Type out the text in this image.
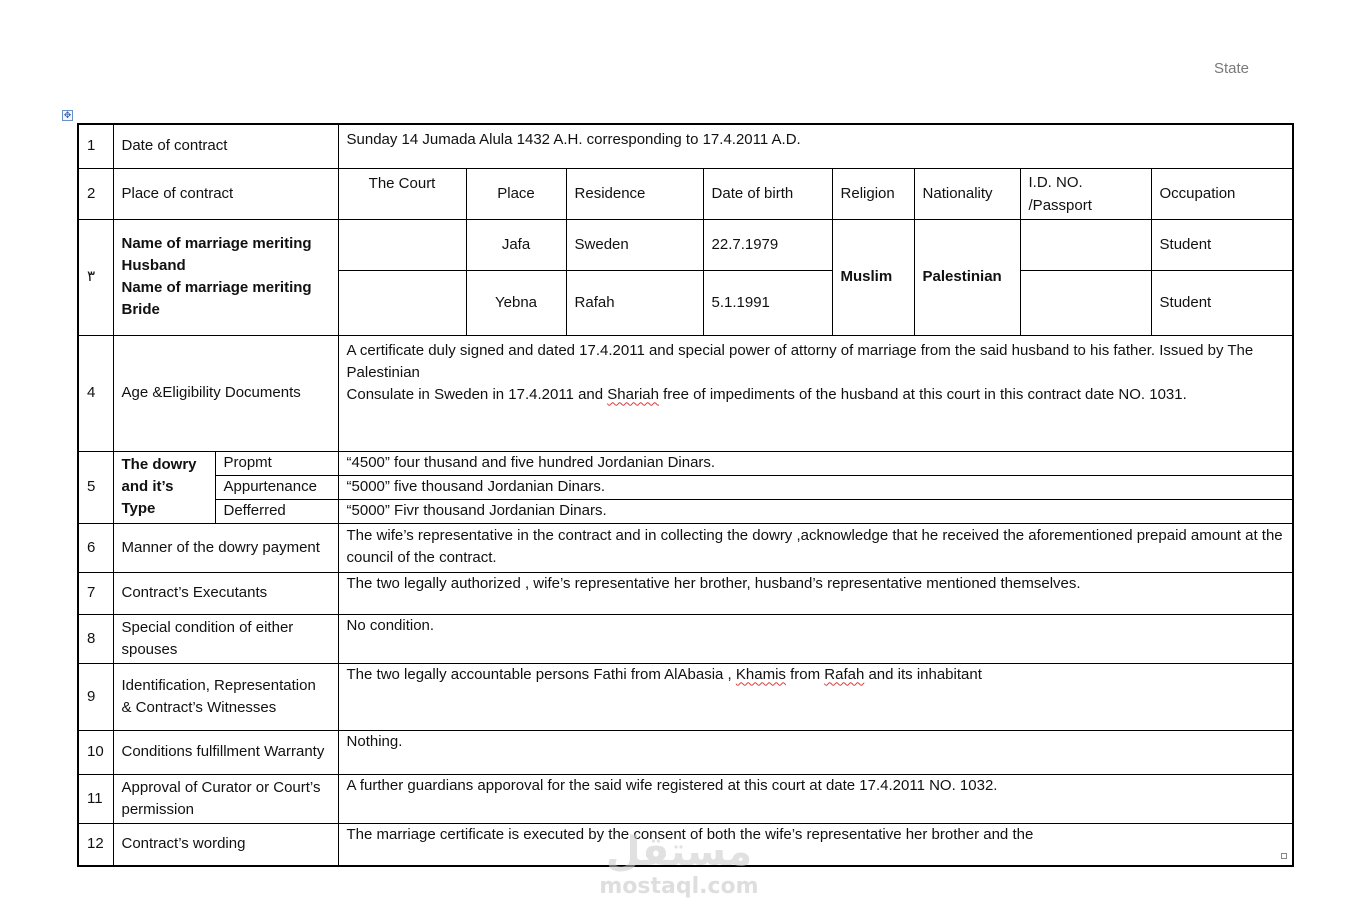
State
✥
1	Date of contract		Sunday 14 Jumada Alula 1432 A.H. corresponding to 17.4.2011 A.D.							
2	Place of contract		The Court	Place	Residence	Date of birth	Religion	Nationality	I.D. NO. /Passport	Occupation
٣	Name of marriage meriting Husband
Name of marriage meriting Bride			Jafa	Sweden	22.7.1979	Muslim	Palestinian		Student
				Yebna	Rafah	5.1.1991				Student
4	Age &Eligibility Documents		A certificate duly signed and dated 17.4.2011 and special power of attorny of marriage from the said husband to his father. Issued by The Palestinian
Consulate in Sweden in 17.4.2011 and Shariah free of impediments of the husband at this court in this contract date NO. 1031.							

5	The dowry and it’s Type	Propmt	“4500” four thusand and five hundred Jordanian Dinars.							
		Appurtenance	“5000” five thousand Jordanian Dinars.							
		Defferred	“5000” Fivr thousand Jordanian Dinars.							
6	Manner of the dowry payment		The wife’s representative in the contract and in collecting the dowry ,acknowledge that he received the aforementioned prepaid amount at the council of the contract.							
7	Contract’s Executants		The two legally authorized , wife’s representative her brother, husband’s representative mentioned themselves.							
8	Special condition of either spouses		No condition.							
9	Identification, Representation & Contract’s Witnesses		The two legally accountable persons Fathi from AlAbasia , Khamis from Rafah and its inhabitant							
10	Conditions fulfillment Warranty		Nothing.							
11	Approval of Curator or Court’s permission		A further guardians apporoval for the said wife registered at this court at date 17.4.2011 NO. 1032.							
12	Contract’s wording		The marriage certificate is executed by the consent of both the wife’s representative her brother and the							
مستقل
mostaql.com
